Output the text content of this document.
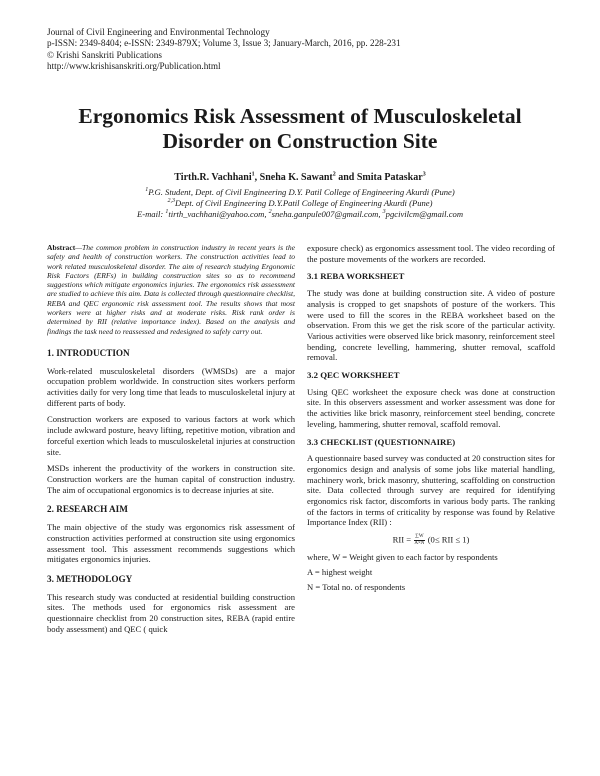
Journal of Civil Engineering and Environmental Technology
p-ISSN: 2349-8404; e-ISSN: 2349-879X; Volume 3, Issue 3; January-March, 2016, pp. 228-231
© Krishi Sanskriti Publications
http://www.krishisanskriti.org/Publication.html
Ergonomics Risk Assessment of Musculoskeletal
Disorder on Construction Site
Tirth.R. Vachhani$^1$, Sneha K. Sawant$^2$ and Smita Pataskar$^3$
$^1$P.G. Student, Dept. of Civil Engineering D.Y. Patil College of Engineering Akurdi (Pune)
$^{2,3}$Dept. of Civil Engineering D.Y.Patil College of Engineering Akurdi (Pune)
E-mail: $^1$tirth_vachhani@yahoo.com, $^2$sneha.ganpule007@gmail.com, $^3$pgcivilcm@gmail.com
Abstract—The common problem in construction industry in recent years is the safety and health of construction workers. The construction activities lead to work related musculoskeletal disorder. The aim of research studying Ergonomic Risk Factors (ERFs) in building construction sites so as to recommend suggestions which mitigate ergonomics injuries. The ergonomics risk assessment are studied to achieve this aim. Data is collected through questionnaire checklist, REBA and QEC ergonomic risk assessment tool. The results shows that most workers were at higher risks and at moderate risks. Risk rank order is determined by RII (relative importance index). Based on the analysis and findings the task need to reassessed and redesigned to safely carry out.
1. INTRODUCTION

Work-related musculoskeletal disorders (WMSDs) are a major occupation problem worldwide. In construction sites workers perform activities daily for very long time that leads to musculoskeletal injury at different parts of body.

Construction workers are exposed to various factors at work which include awkward posture, heavy lifting, repetitive motion, vibration and forceful exertion which leads to musculoskeletal injuries at construction site.

MSDs inherent the productivity of the workers in construction site. Construction workers are the human capital of construction industry. The aim of occupational ergonomics is to decrease injuries at site.

2. RESEARCH AIM

The main objective of the study was ergonomics risk assessment of construction activities performed at construction site using ergonomics assessment tool. This assessment recommends suggestions which mitigates ergonomics injuries.

3. METHODOLOGY

This research study was conducted at residential building construction sites. The methods used for ergonomics risk assessment are questionnaire checklist from 20 construction sites, REBA (rapid entire body assessment) and QEC ( quick

exposure check) as ergonomics assessment tool. The video recording of the posture movements of the workers are recorded.

3.1 REBA WORKSHEET

The study was done at building construction site. A video of posture analysis is cropped to get snapshots of posture of the workers. This were used to fill the scores in the REBA worksheet based on the observation. From this we get the risk score of the particular activity. Various activities were observed like brick masonry, reinforcement steel bending, concrete levelling, hammering, shutter removal, scaffold removal.

3.2 QEC WORKSHEET

Using QEC worksheet the exposure check was done at construction site. In this observers assessment and worker assessment was done for the activities like brick masonry, reinforcement steel bending, concrete leveling, hammering, shutter removal, scaffold removal.

3.3 CHECKLIST (QUESTIONNAIRE)

A questionnaire based survey was conducted at 20 construction sites for ergonomics design and analysis of some jobs like material handling, machinery work, brick masonry, shuttering, scaffolding on construction site. Data collected through survey are required for identifying ergonomics risk factor, discomforts in various body parts. The ranking of the factors in terms of criticality by response was found by Relative Importance Index (RII) :

RII = $\frac{\sum W}{A\times N} (0\le$ RII ≤ 1)
where, W = Weight given to each factor by respondents
A = highest weight
N = Total no. of respondents
